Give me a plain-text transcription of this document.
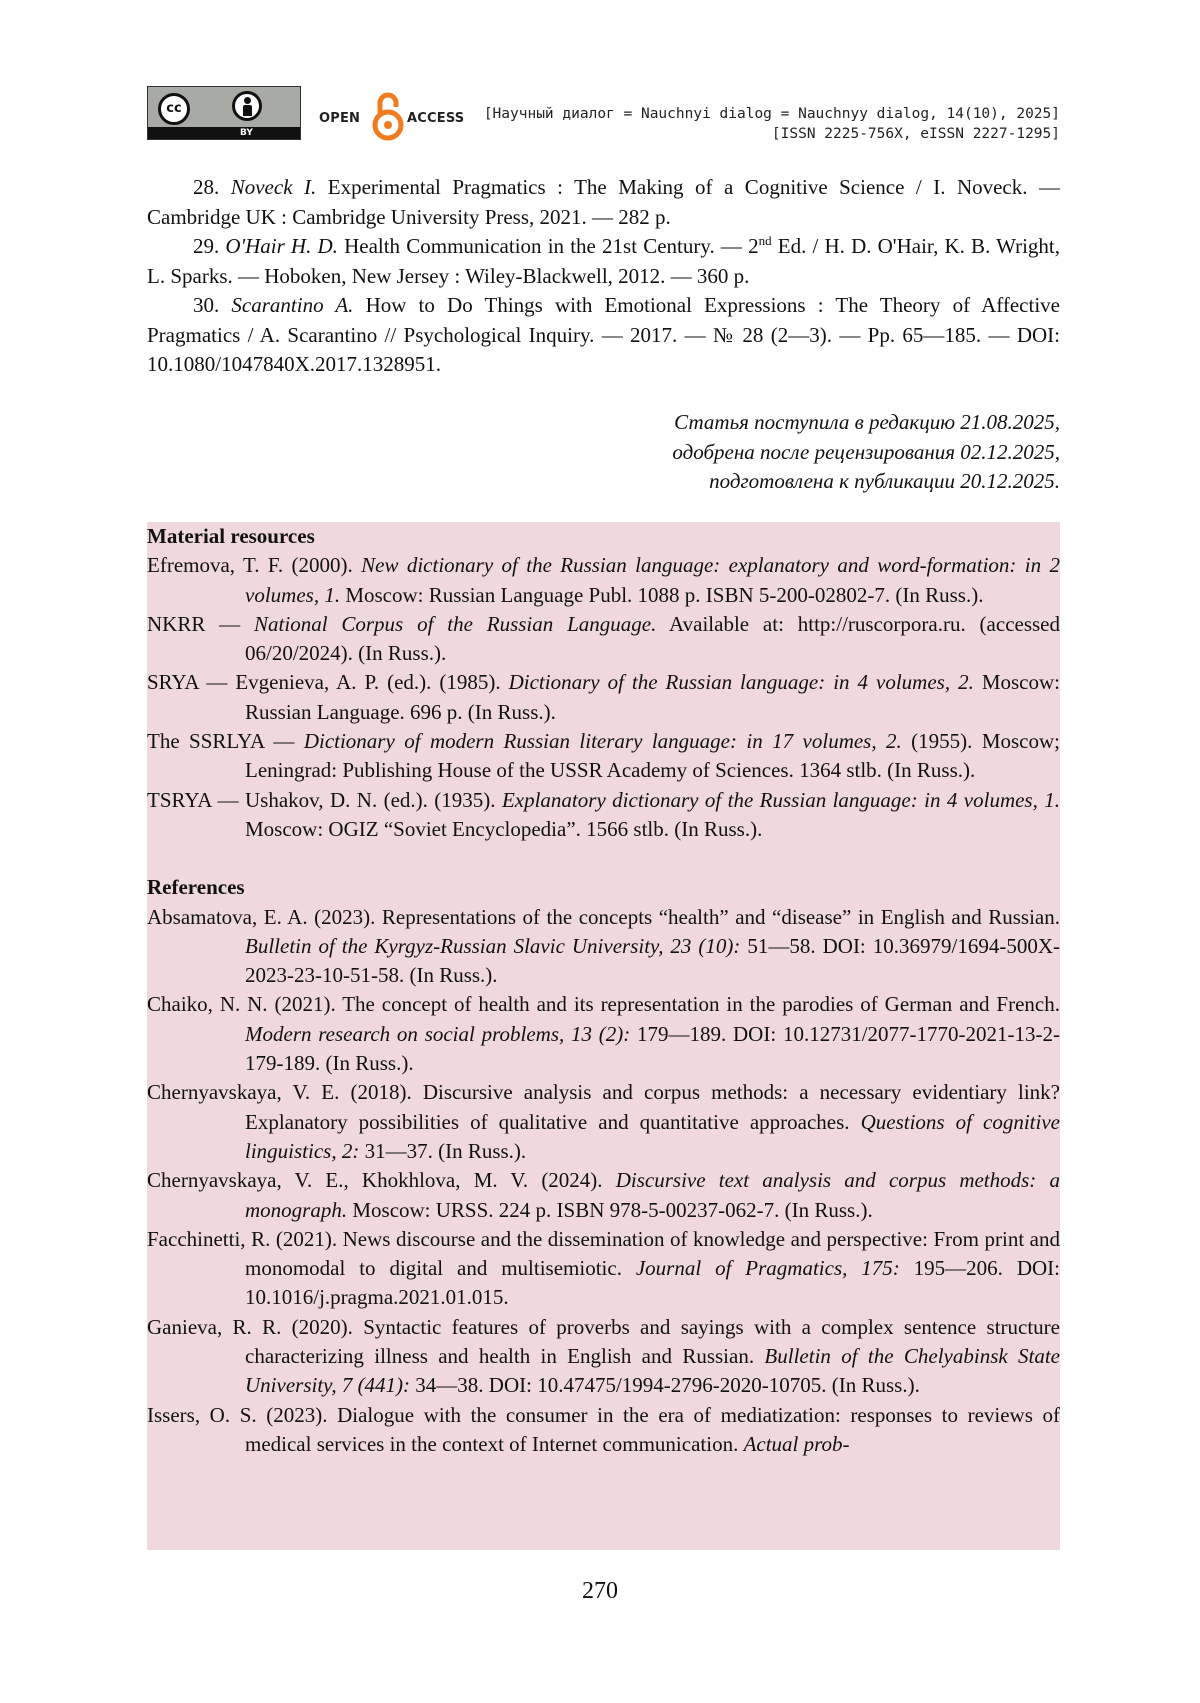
cc
BY
OPEN	ACCESS [Научный диалог = Nauchnyi dialog = Nauchnyy dialog, 14(10), 2025]
[ISSN 2225-756X, eISSN 2227-1295]

28. Noveck I. Experimental Pragmatics : The Making of a Cognitive Science / I. Noveck. — Cambridge UK : Cambridge University Press, 2021. — 282 p.

29. O'Hair H. D. Health Communication in the 21st Century. — 2nd Ed. / H. D. O'Hair, K. B. Wright, L. Sparks. — Hoboken, New Jersey : Wiley-Blackwell, 2012. — 360 p.

30. Scarantino A. How to Do Things with Emotional Expressions : The Theory of Affective Pragmatics / A. Scarantino // Psychological Inquiry. — 2017. — № 28 (2—3). — Pp. 65—185. — DOI: 10.1080/1047840X.2017.1328951.

Статья поступила в редакцию 21.08.2025,
одобрена после рецензирования 02.12.2025,
подготовлена к публикации 20.12.2025.

Material resources

Efremova, T. F. (2000). New dictionary of the Russian language: explanatory and word-formation: in 2 volumes, 1. Moscow: Russian Language Publ. 1088 p. ISBN 5-200-02802-7. (In Russ.).

NKRR — National Corpus of the Russian Language. Available at: http://ruscorpora.ru. (accessed 06/20/2024). (In Russ.).

SRYA — Evgenieva, A. P. (ed.). (1985). Dictionary of the Russian language: in 4 volumes, 2. Moscow: Russian Language. 696 p. (In Russ.).

The SSRLYA — Dictionary of modern Russian literary language: in 17 volumes, 2. (1955). Moscow; Leningrad: Publishing House of the USSR Academy of Sciences. 1364 stlb. (In Russ.).

TSRYA — Ushakov, D. N. (ed.). (1935). Explanatory dictionary of the Russian language: in 4 volumes, 1. Moscow: OGIZ “Soviet Encyclopedia”. 1566 stlb. (In Russ.).

References

Absamatova, E. A. (2023). Representations of the concepts “health” and “disease” in English and Russian. Bulletin of the Kyrgyz-Russian Slavic University, 23 (10): 51—58. DOI: 10.36979/1694-500X-2023-23-10-51-58. (In Russ.).

Chaiko, N. N. (2021). The concept of health and its representation in the parodies of German and French. Modern research on social problems, 13 (2): 179—189. DOI: 10.12731/2077-1770-2021-13-2-179-189. (In Russ.).

Chernyavskaya, V. E. (2018). Discursive analysis and corpus methods: a necessary evidentiary link? Explanatory possibilities of qualitative and quantitative approaches. Questions of cognitive linguistics, 2: 31—37. (In Russ.).

Chernyavskaya, V. E., Khokhlova, M. V. (2024). Discursive text analysis and corpus methods: a monograph. Moscow: URSS. 224 p. ISBN 978-5-00237-062-7. (In Russ.).

Facchinetti, R. (2021). News discourse and the dissemination of knowledge and perspective: From print and monomodal to digital and multisemiotic. Journal of Pragmatics, 175: 195—206. DOI: 10.1016/j.pragma.2021.01.015.

Ganieva, R. R. (2020). Syntactic features of proverbs and sayings with a complex sentence structure characterizing illness and health in English and Russian. Bulletin of the Chelyabinsk State University, 7 (441): 34—38. DOI: 10.47475/1994-2796-2020-10705. (In Russ.).

Issers, O. S. (2023). Dialogue with the consumer in the era of mediatization: responses to reviews of medical services in the context of Internet communication. Actual prob-

270
